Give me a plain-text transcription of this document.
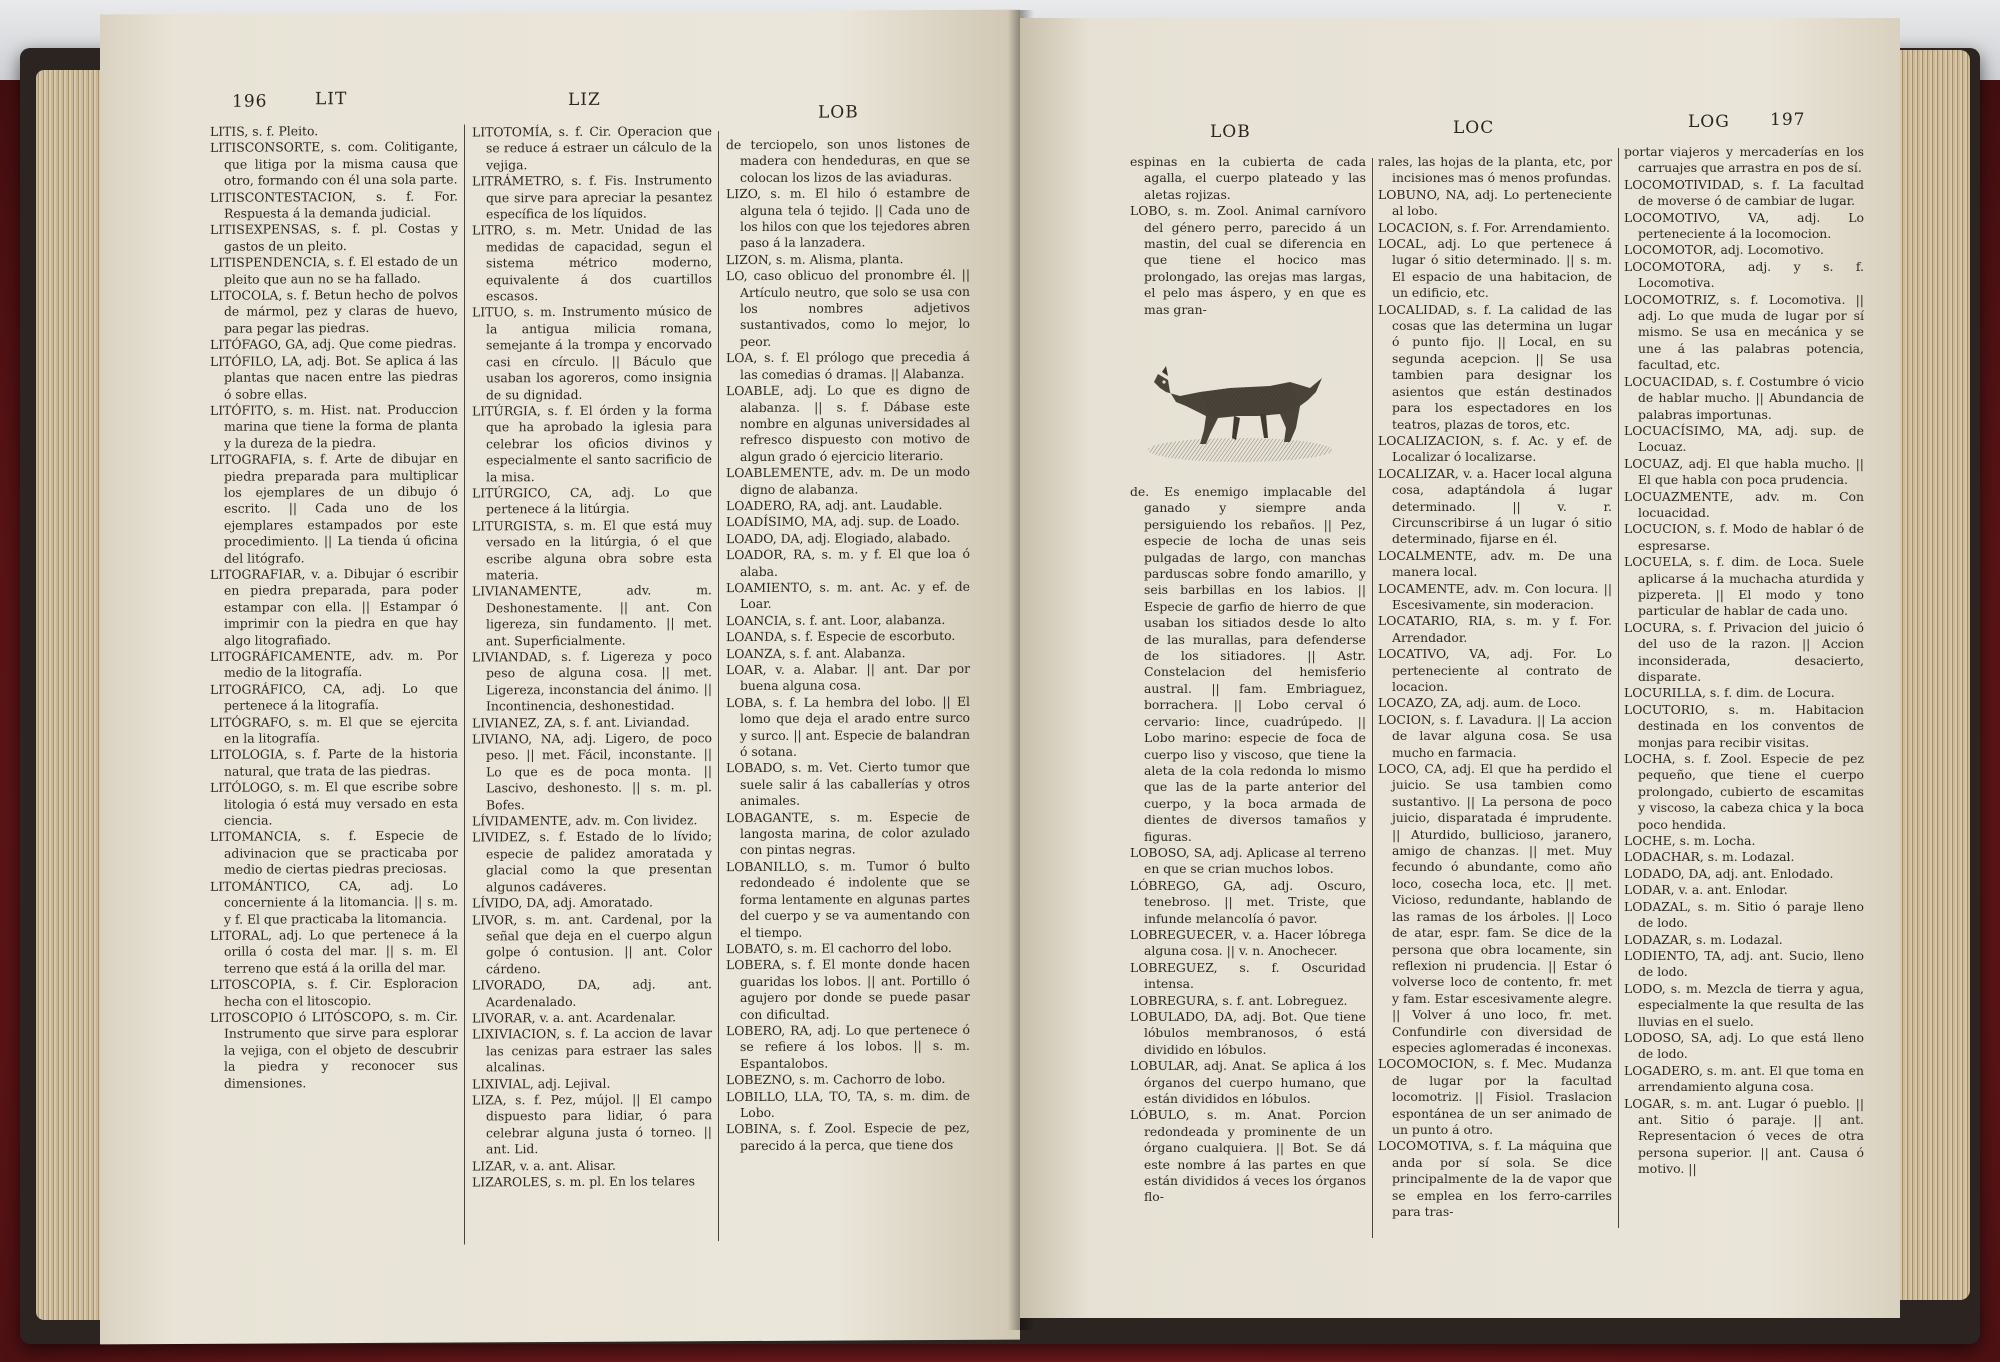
196	LIT	LIZ
LOB

LITIS, s. f. Pleito.

LITISCONSORTE, s. com. Colitigante, que litiga por la misma causa que otro, formando con él una sola parte.

LITISCONTESTACION, s. f. For. Respuesta á la demanda judicial.

LITISEXPENSAS, s. f. pl. Costas y gastos de un pleito.

LITISPENDENCIA, s. f. El estado de un pleito que aun no se ha fallado.

LITOCOLA, s. f. Betun hecho de polvos de mármol, pez y claras de huevo, para pegar las piedras.

LITÓFAGO, GA, adj. Que come piedras.

LITÓFILO, LA, adj. Bot. Se aplica á las plantas que nacen entre las piedras ó sobre ellas.

LITÓFITO, s. m. Hist. nat. Produccion marina que tiene la forma de planta y la dureza de la piedra.

LITOGRAFIA, s. f. Arte de dibujar en piedra preparada para multiplicar los ejemplares de un dibujo ó escrito. || Cada uno de los ejemplares estampados por este procedimiento. || La tienda ú oficina del litógrafo.

LITOGRAFIAR, v. a. Dibujar ó escribir en piedra preparada, para poder estampar con ella. || Estampar ó imprimir con la piedra en que hay algo litografiado.

LITOGRÁFICAMENTE, adv. m. Por medio de la litografía.

LITOGRÁFICO, CA, adj. Lo que pertenece á la litografía.

LITÓGRAFO, s. m. El que se ejercita en la litografía.

LITOLOGIA, s. f. Parte de la historia natural, que trata de las piedras.

LITÓLOGO, s. m. El que escribe sobre litologia ó está muy versado en esta ciencia.

LITOMANCIA, s. f. Especie de adivinacion que se practicaba por medio de ciertas piedras preciosas.

LITOMÁNTICO, CA, adj. Lo concerniente á la litomancia. || s. m. y f. El que practicaba la litomancia.

LITORAL, adj. Lo que pertenece á la orilla ó costa del mar. || s. m. El terreno que está á la orilla del mar.

LITOSCOPIA, s. f. Cir. Esploracion hecha con el litoscopio.

LITOSCOPIO ó LITÓSCOPO, s. m. Cir. Instrumento que sirve para esplorar la vejiga, con el objeto de descubrir la piedra y reconocer sus dimensiones.

LITOTOMÍA, s. f. Cir. Operacion que se reduce á estraer un cálculo de la vejiga.

LITRÁMETRO, s. f. Fis. Instrumento que sirve para apreciar la pesantez específica de los líquidos.

LITRO, s. m. Metr. Unidad de las medidas de capacidad, segun el sistema métrico moderno, equivalente á dos cuartillos escasos.

LITUO, s. m. Instrumento músico de la antigua milicia romana, semejante á la trompa y encorvado casi en círculo. || Báculo que usaban los agoreros, como insignia de su dignidad.

LITÚRGIA, s. f. El órden y la forma que ha aprobado la iglesia para celebrar los oficios divinos y especialmente el santo sacrificio de la misa.

LITÚRGICO, CA, adj. Lo que pertenece á la litúrgia.

LITURGISTA, s. m. El que está muy versado en la litúrgia, ó el que escribe alguna obra sobre esta materia.

LIVIANAMENTE, adv. m. Deshonestamente. || ant. Con ligereza, sin fundamento. || met. ant. Superficialmente.

LIVIANDAD, s. f. Ligereza y poco peso de alguna cosa. || met. Ligereza, inconstancia del ánimo. || Incontinencia, deshonestidad.

LIVIANEZ, ZA, s. f. ant. Liviandad.

LIVIANO, NA, adj. Ligero, de poco peso. || met. Fácil, inconstante. || Lo que es de poca monta. || Lascivo, deshonesto. || s. m. pl. Bofes.

LÍVIDAMENTE, adv. m. Con lividez.

LIVIDEZ, s. f. Estado de lo lívido; especie de palidez amoratada y glacial como la que presentan algunos cadáveres.

LÍVIDO, DA, adj. Amoratado.

LIVOR, s. m. ant. Cardenal, por la señal que deja en el cuerpo algun golpe ó contusion. || ant. Color cárdeno.

LIVORADO, DA, adj. ant. Acardenalado.

LIVORAR, v. a. ant. Acardenalar.

LIXIVIACION, s. f. La accion de lavar las cenizas para estraer las sales alcalinas.

LIXIVIAL, adj. Lejival.

LIZA, s. f. Pez, mújol. || El campo dispuesto para lidiar, ó para celebrar alguna justa ó torneo. || ant. Lid.

LIZAR, v. a. ant. Alisar.

LIZAROLES, s. m. pl. En los telares

de terciopelo, son unos listones de madera con hendeduras, en que se colocan los lizos de las aviaduras.

LIZO, s. m. El hilo ó estambre de alguna tela ó tejido. || Cada uno de los hilos con que los tejedores abren paso á la lanzadera.

LIZON, s. m. Alisma, planta.

LO, caso oblicuo del pronombre él. || Artículo neutro, que solo se usa con los nombres adjetivos sustantivados, como lo mejor, lo peor.

LOA, s. f. El prólogo que precedia á las comedias ó dramas. || Alabanza.

LOABLE, adj. Lo que es digno de alabanza. || s. f. Dábase este nombre en algunas universidades al refresco dispuesto con motivo de algun grado ó ejercicio literario.

LOABLEMENTE, adv. m. De un modo digno de alabanza.

LOADERO, RA, adj. ant. Laudable.

LOADÍSIMO, MA, adj. sup. de Loado.

LOADO, DA, adj. Elogiado, alabado.

LOADOR, RA, s. m. y f. El que loa ó alaba.

LOAMIENTO, s. m. ant. Ac. y ef. de Loar.

LOANCIA, s. f. ant. Loor, alabanza.

LOANDA, s. f. Especie de escorbuto.

LOANZA, s. f. ant. Alabanza.

LOAR, v. a. Alabar. || ant. Dar por buena alguna cosa.

LOBA, s. f. La hembra del lobo. || El lomo que deja el arado entre surco y surco. || ant. Especie de balandran ó sotana.

LOBADO, s. m. Vet. Cierto tumor que suele salir á las caballerías y otros animales.

LOBAGANTE, s. m. Especie de langosta marina, de color azulado con pintas negras.

LOBANILLO, s. m. Tumor ó bulto redondeado é indolente que se forma lentamente en algunas partes del cuerpo y se va aumentando con el tiempo.

LOBATO, s. m. El cachorro del lobo.

LOBERA, s. f. El monte donde hacen guaridas los lobos. || ant. Portillo ó agujero por donde se puede pasar con dificultad.

LOBERO, RA, adj. Lo que pertenece ó se refiere á los lobos. || s. m. Espantalobos.

LOBEZNO, s. m. Cachorro de lobo.

LOBILLO, LLA, TO, TA, s. m. dim. de Lobo.

LOBINA, s. f. Zool. Especie de pez, parecido á la perca, que tiene dos

LOB	LOC	LOG 197

espinas en la cubierta de cada agalla, el cuerpo plateado y las aletas rojizas.

LOBO, s. m. Zool. Animal carnívoro del género perro, parecido á un mastin, del cual se diferencia en que tiene el hocico mas prolongado, las orejas mas largas, el pelo mas áspero, y en que es mas gran-

de. Es enemigo implacable del ganado y siempre anda persiguiendo los rebaños. || Pez, especie de locha de unas seis pulgadas de largo, con manchas parduscas sobre fondo amarillo, y seis barbillas en los labios. || Especie de garfio de hierro de que usaban los sitiados desde lo alto de las murallas, para defenderse de los sitiadores. || Astr. Constelacion del hemisferio austral. || fam. Embriaguez, borrachera. || Lobo cerval ó cervario: lince, cuadrúpedo. || Lobo marino: especie de foca de cuerpo liso y viscoso, que tiene la aleta de la cola redonda lo mismo que las de la parte anterior del cuerpo, y la boca armada de dientes de diversos tamaños y figuras.

LOBOSO, SA, adj. Aplicase al terreno en que se crian muchos lobos.

LÓBREGO, GA, adj. Oscuro, tenebroso. || met. Triste, que infunde melancolía ó pavor.

LOBREGUECER, v. a. Hacer lóbrega alguna cosa. || v. n. Anochecer.

LOBREGUEZ, s. f. Oscuridad intensa.

LOBREGURA, s. f. ant. Lobreguez.

LOBULADO, DA, adj. Bot. Que tiene lóbulos membranosos, ó está dividido en lóbulos.

LOBULAR, adj. Anat. Se aplica á los órganos del cuerpo humano, que están divididos en lóbulos.

LÓBULO, s. m. Anat. Porcion redondeada y prominente de un órgano cualquiera. || Bot. Se dá este nombre á las partes en que están divididos á veces los órganos flo-

rales, las hojas de la planta, etc, por incisiones mas ó menos profundas.

LOBUNO, NA, adj. Lo perteneciente al lobo.

LOCACION, s. f. For. Arrendamiento.

LOCAL, adj. Lo que pertenece á lugar ó sitio determinado. || s. m. El espacio de una habitacion, de un edificio, etc.

LOCALIDAD, s. f. La calidad de las cosas que las determina un lugar ó punto fijo. || Local, en su segunda acepcion. || Se usa tambien para designar los asientos que están destinados para los espectadores en los teatros, plazas de toros, etc.

LOCALIZACION, s. f. Ac. y ef. de Localizar ó localizarse.

LOCALIZAR, v. a. Hacer local alguna cosa, adaptándola á lugar determinado. || v. r. Circunscribirse á un lugar ó sitio determinado, fijarse en él.

LOCALMENTE, adv. m. De una manera local.

LOCAMENTE, adv. m. Con locura. || Escesivamente, sin moderacion.

LOCATARIO, RIA, s. m. y f. For. Arrendador.

LOCATIVO, VA, adj. For. Lo perteneciente al contrato de locacion.

LOCAZO, ZA, adj. aum. de Loco.

LOCION, s. f. Lavadura. || La accion de lavar alguna cosa. Se usa mucho en farmacia.

LOCO, CA, adj. El que ha perdido el juicio. Se usa tambien como sustantivo. || La persona de poco juicio, disparatada é imprudente. || Aturdido, bullicioso, jaranero, amigo de chanzas. || met. Muy fecundo ó abundante, como año loco, cosecha loca, etc. || met. Vicioso, redundante, hablando de las ramas de los árboles. || Loco de atar, espr. fam. Se dice de la persona que obra locamente, sin reflexion ni prudencia. || Estar ó volverse loco de contento, fr. met y fam. Estar escesivamente alegre. || Volver á uno loco, fr. met. Confundirle con diversidad de especies aglomeradas é inconexas.

LOCOMOCION, s. f. Mec. Mudanza de lugar por la facultad locomotriz. || Fisiol. Traslacion espontánea de un ser animado de un punto á otro.

LOCOMOTIVA, s. f. La máquina que anda por sí sola. Se dice principalmente de la de vapor que se emplea en los ferro-carriles para tras-

portar viajeros y mercaderías en los carruajes que arrastra en pos de sí.

LOCOMOTIVIDAD, s. f. La facultad de moverse ó de cambiar de lugar.

LOCOMOTIVO, VA, adj. Lo perteneciente á la locomocion.

LOCOMOTOR, adj. Locomotivo.

LOCOMOTORA, adj. y s. f. Locomotiva.

LOCOMOTRIZ, s. f. Locomotiva. || adj. Lo que muda de lugar por sí mismo. Se usa en mecánica y se une á las palabras potencia, facultad, etc.

LOCUACIDAD, s. f. Costumbre ó vicio de hablar mucho. || Abundancia de palabras importunas.

LOCUACÍSIMO, MA, adj. sup. de Locuaz.

LOCUAZ, adj. El que habla mucho. || El que habla con poca prudencia.

LOCUAZMENTE, adv. m. Con locuacidad.

LOCUCION, s. f. Modo de hablar ó de espresarse.

LOCUELA, s. f. dim. de Loca. Suele aplicarse á la muchacha aturdida y pizpereta. || El modo y tono particular de hablar de cada uno.

LOCURA, s. f. Privacion del juicio ó del uso de la razon. || Accion inconsiderada, desacierto, disparate.

LOCURILLA, s. f. dim. de Locura.

LOCUTORIO, s. m. Habitacion destinada en los conventos de monjas para recibir visitas.

LOCHA, s. f. Zool. Especie de pez pequeño, que tiene el cuerpo prolongado, cubierto de escamitas y viscoso, la cabeza chica y la boca poco hendida.

LOCHE, s. m. Locha.

LODACHAR, s. m. Lodazal.

LODADO, DA, adj. ant. Enlodado.

LODAR, v. a. ant. Enlodar.

LODAZAL, s. m. Sitio ó paraje lleno de lodo.

LODAZAR, s. m. Lodazal.

LODIENTO, TA, adj. ant. Sucio, lleno de lodo.

LODO, s. m. Mezcla de tierra y agua, especialmente la que resulta de las lluvias en el suelo.

LODOSO, SA, adj. Lo que está lleno de lodo.

LOGADERO, s. m. ant. El que toma en arrendamiento alguna cosa.

LOGAR, s. m. ant. Lugar ó pueblo. || ant. Sitio ó paraje. || ant. Representacion ó veces de otra persona superior. || ant. Causa ó motivo. ||
